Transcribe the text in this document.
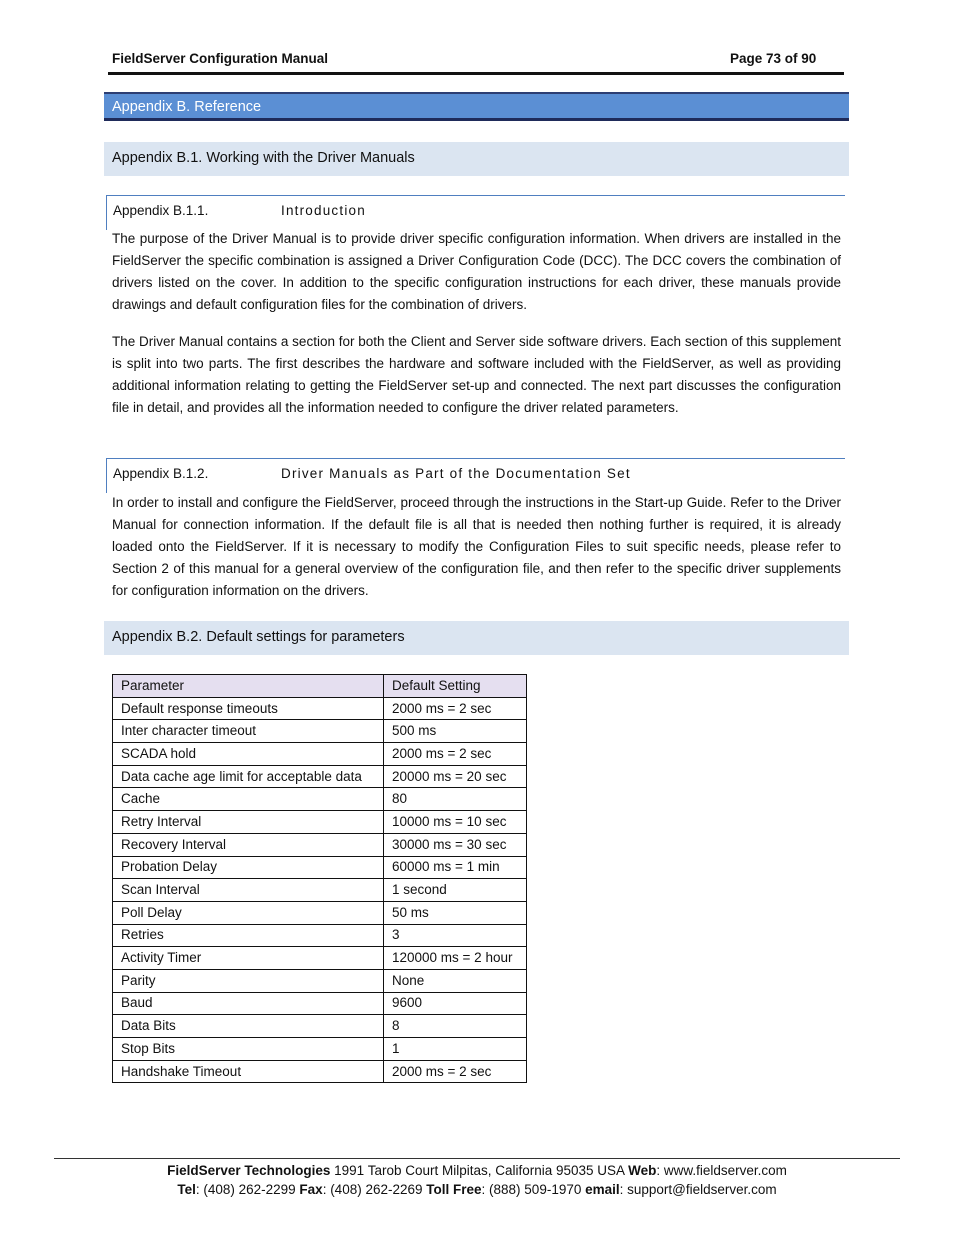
FieldServer Configuration Manual	Page 73 of 90
Appendix B. Reference
Appendix B.1. Working with the Driver Manuals
Appendix B.1.1.	Introduction

The purpose of the Driver Manual is to provide driver specific configuration information. When drivers are installed in the FieldServer the specific combination is assigned a Driver Configuration Code (DCC). The DCC covers the combination of drivers listed on the cover. In addition to the specific configuration instructions for each driver, these manuals provide drawings and default configuration files for the combination of drivers.

The Driver Manual contains a section for both the Client and Server side software drivers. Each section of this supplement is split into two parts. The first describes the hardware and software included with the FieldServer, as well as providing additional information relating to getting the FieldServer set-up and connected. The next part discusses the configuration file in detail, and provides all the information needed to configure the driver related parameters.

Appendix B.1.2.	Driver Manuals as Part of the Documentation Set

In order to install and configure the FieldServer, proceed through the instructions in the Start-up Guide. Refer to the Driver Manual for connection information. If the default file is all that is needed then nothing further is required, it is already loaded onto the FieldServer. If it is necessary to modify the Configuration Files to suit specific needs, please refer to Section 2 of this manual for a general overview of the configuration file, and then refer to the specific driver supplements for configuration information on the drivers.

Appendix B.2. Default settings for parameters
Parameter	Default Setting
Default response timeouts	2000 ms = 2 sec
Inter character timeout	500 ms
SCADA hold	2000 ms = 2 sec
Data cache age limit for acceptable data	20000 ms = 20 sec
Cache	80
Retry Interval	10000 ms = 10 sec
Recovery Interval	30000 ms = 30 sec
Probation Delay	60000 ms = 1 min
Scan Interval	1 second
Poll Delay	50 ms
Retries	3
Activity Timer	120000 ms = 2 hour
Parity	None
Baud	9600
Data Bits	8
Stop Bits	1
Handshake Timeout	2000 ms = 2 sec
FieldServer Technologies 1991 Tarob Court Milpitas, California 95035 USA Web: www.fieldserver.com
Tel: (408) 262-2299 Fax: (408) 262-2269 Toll Free: (888) 509-1970 email: support@fieldserver.com
